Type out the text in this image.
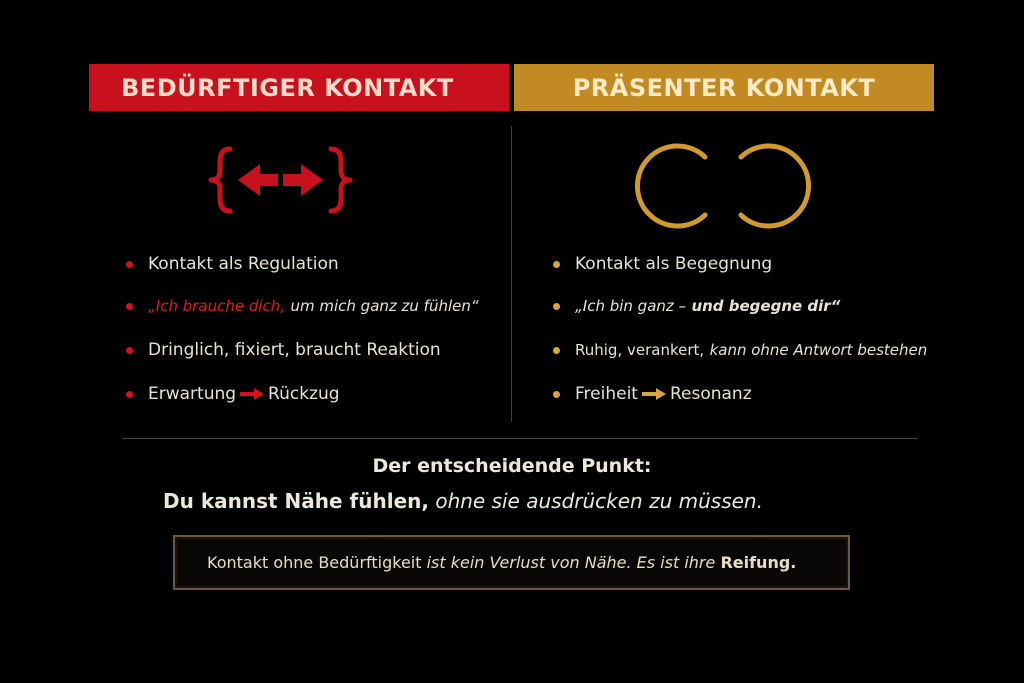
BEDÜRFTIGER KONTAKT	PRÄSENTER KONTAKT
Kontakt als Regulation
„Ich brauche dich,
um mich ganz zu fühlen“
Dringlich, fixiert, braucht Reaktion
Erwartung Rückzug
Kontakt als Begegnung
„Ich bin ganz –
und begegne dir“
Ruhig, verankert,
kann ohne Antwort bestehen
Freiheit Resonanz
Der entscheidende Punkt:
Du kannst Nähe fühlen, ohne sie ausdrücken zu müssen.
Kontakt ohne Bedürftigkeit
ist kein Verlust von Nähe. Es ist ihre
Reifung.
